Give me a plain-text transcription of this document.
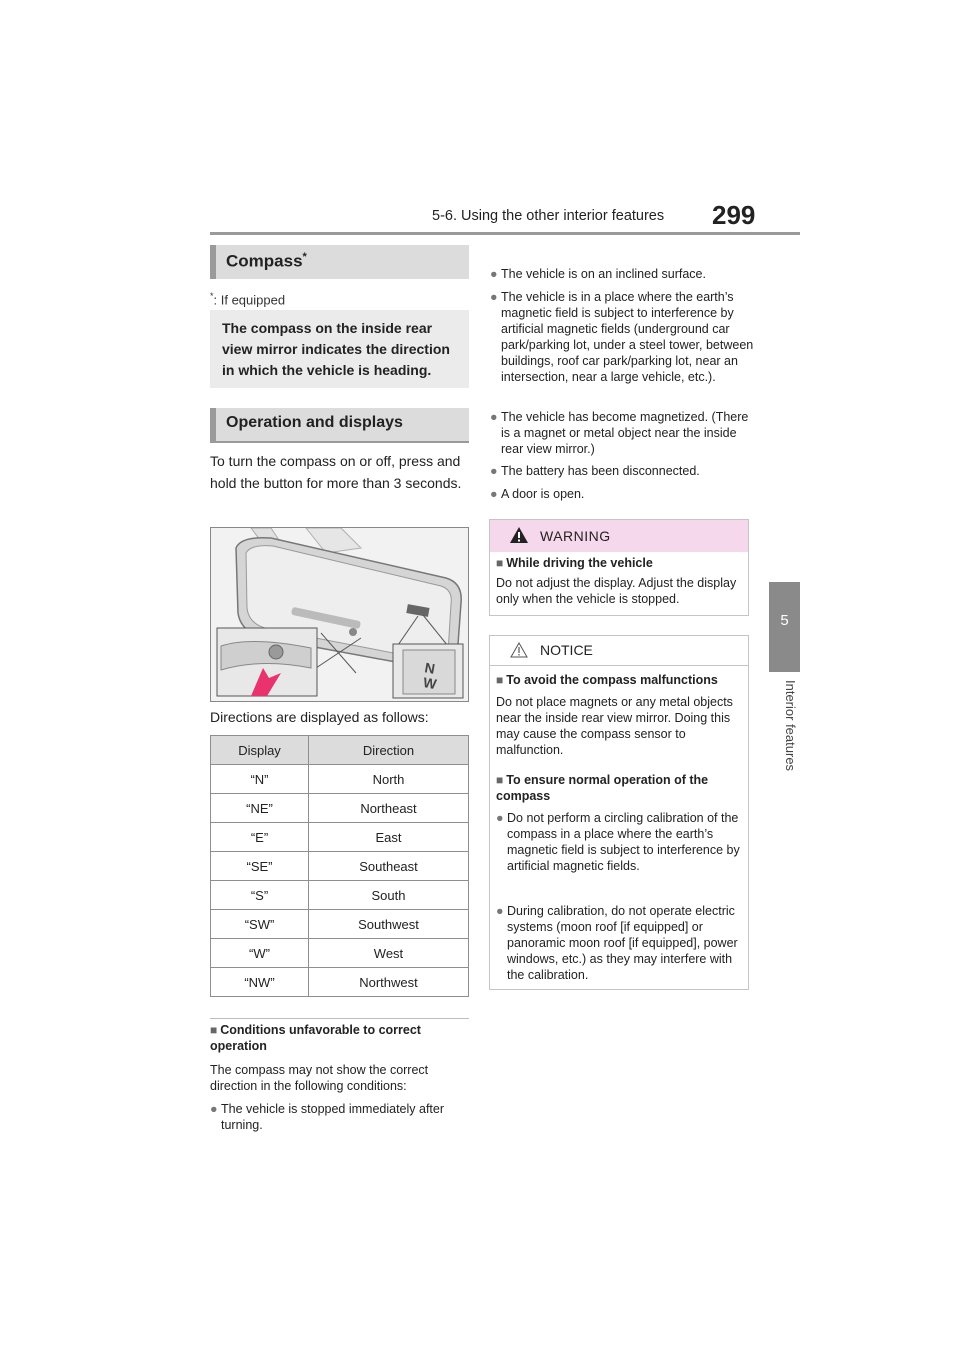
5-6. Using the other interior features 299
5
Interior features
Compass*
*: If equipped
The compass on the inside rear view mirror indicates the direction in which the vehicle is heading.
Operation and displays
To turn the compass on or off, press and hold the button for more than 3 seconds.
N
W
Directions are displayed as follows:
Display	Direction
“N”	North
“NE”	Northeast
“E”	East
“SE”	Southeast
“S”	South
“SW”	Southwest
“W”	West
“NW”	Northwest
■ Conditions unfavorable to correct operation
The compass may not show the correct direction in the following conditions:
● The vehicle is stopped immediately after turning.
● The vehicle is on an inclined surface.
● The vehicle is in a place where the earth’s magnetic field is subject to interference by artificial magnetic fields (underground car park/parking lot, under a steel tower, between buildings, roof car park/parking lot, near an intersection, near a large vehicle, etc.).
● The vehicle has become magnetized. (There is a magnet or metal object near the inside rear view mirror.)
● The battery has been disconnected.
● A door is open.
WARNING
■ While driving the vehicle
Do not adjust the display. Adjust the display only when the vehicle is stopped.
NOTICE
■ To avoid the compass malfunctions
Do not place magnets or any metal objects near the inside rear view mirror. Doing this may cause the compass sensor to malfunction.
■ To ensure normal operation of the compass
● Do not perform a circling calibration of the compass in a place where the earth’s magnetic field is subject to interference by artificial magnetic fields.
● During calibration, do not operate electric systems (moon roof [if equipped] or panoramic moon roof [if equipped], power windows, etc.) as they may interfere with the calibration.
